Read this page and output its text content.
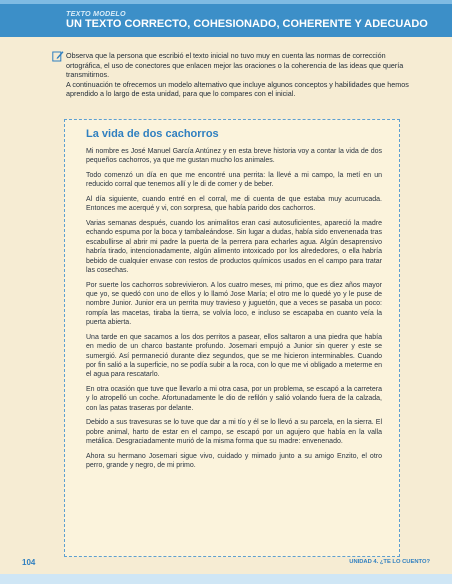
TEXTO MODELO
UN TEXTO CORRECTO, COHESIONADO, COHERENTE Y ADECUADO

Observa que la persona que escribió el texto inicial no tuvo muy en cuenta las normas de corrección ortográfica, el uso de conectores que enlacen mejor las oraciones o la coherencia de las ideas que quería transmitirnos.

A continuación te ofrecemos un modelo alternativo que incluye algunos conceptos y habilidades que hemos aprendido a lo largo de esta unidad, para que lo compares con el inicial.

La vida de dos cachorros

Mi nombre es José Manuel García Antúnez y en esta breve historia voy a contar la vida de dos pequeños cachorros, ya que me gustan mucho los animales.

Todo comenzó un día en que me encontré una perrita: la llevé a mi campo, la metí en un reducido corral que tenemos allí y le di de comer y de beber.

Al día siguiente, cuando entré en el corral, me di cuenta de que estaba muy acurrucada. Entonces me acerqué y vi, con sorpresa, que había parido dos cachorros.

Varias semanas después, cuando los animalitos eran casi autosuficientes, apareció la madre echando espuma por la boca y tambaleándose. Sin lugar a dudas, había sido envenenada tras escabullirse al abrir mi padre la puerta de la perrera para echarles agua. Algún desaprensivo habría tirado, intencionadamente, algún alimento intoxicado por los alrededores, o ella habría bebido de cualquier envase con restos de productos químicos usados en el campo para tratar las cosechas.

Por suerte los cachorros sobrevivieron. A los cuatro meses, mi primo, que es diez años mayor que yo, se quedó con uno de ellos y lo llamó Jose María; el otro me lo quedé yo y le puse de nombre Junior. Junior era un perrita muy travieso y juguetón, que a veces se pasaba un poco: rompía las macetas, tiraba la tierra, se volvía loco, e incluso se escapaba en cuanto veía la puerta abierta.

Una tarde en que sacamos a los dos perritos a pasear, ellos saltaron a una piedra que había en medio de un charco bastante profundo. Josemari empujó a Junior sin querer y este se sumergió. Así permaneció durante diez segundos, que se me hicieron interminables. Cuando por fin salió a la superficie, no se podía subir a la roca, con lo que me vi obligado a meterme en el agua para rescatarlo.

En otra ocasión que tuve que llevarlo a mi otra casa, por un problema, se escapó a la carretera y lo atropelló un coche. Afortunadamente le dio de refilón y salió volando fuera de la calzada, con las patas traseras por delante.

Debido a sus travesuras se lo tuve que dar a mi tío y él se lo llevó a su parcela, en la sierra. El pobre animal, harto de estar en el campo, se escapó por un agujero que había en la valla metálica. Desgraciadamente murió de la misma forma que su madre: envenenado.

Ahora su hermano Josemari sigue vivo, cuidado y mimado junto a su amigo Enzito, el otro perro, grande y negro, de mi primo.

104	UNIDAD 4. ¿TE LO CUENTO?
